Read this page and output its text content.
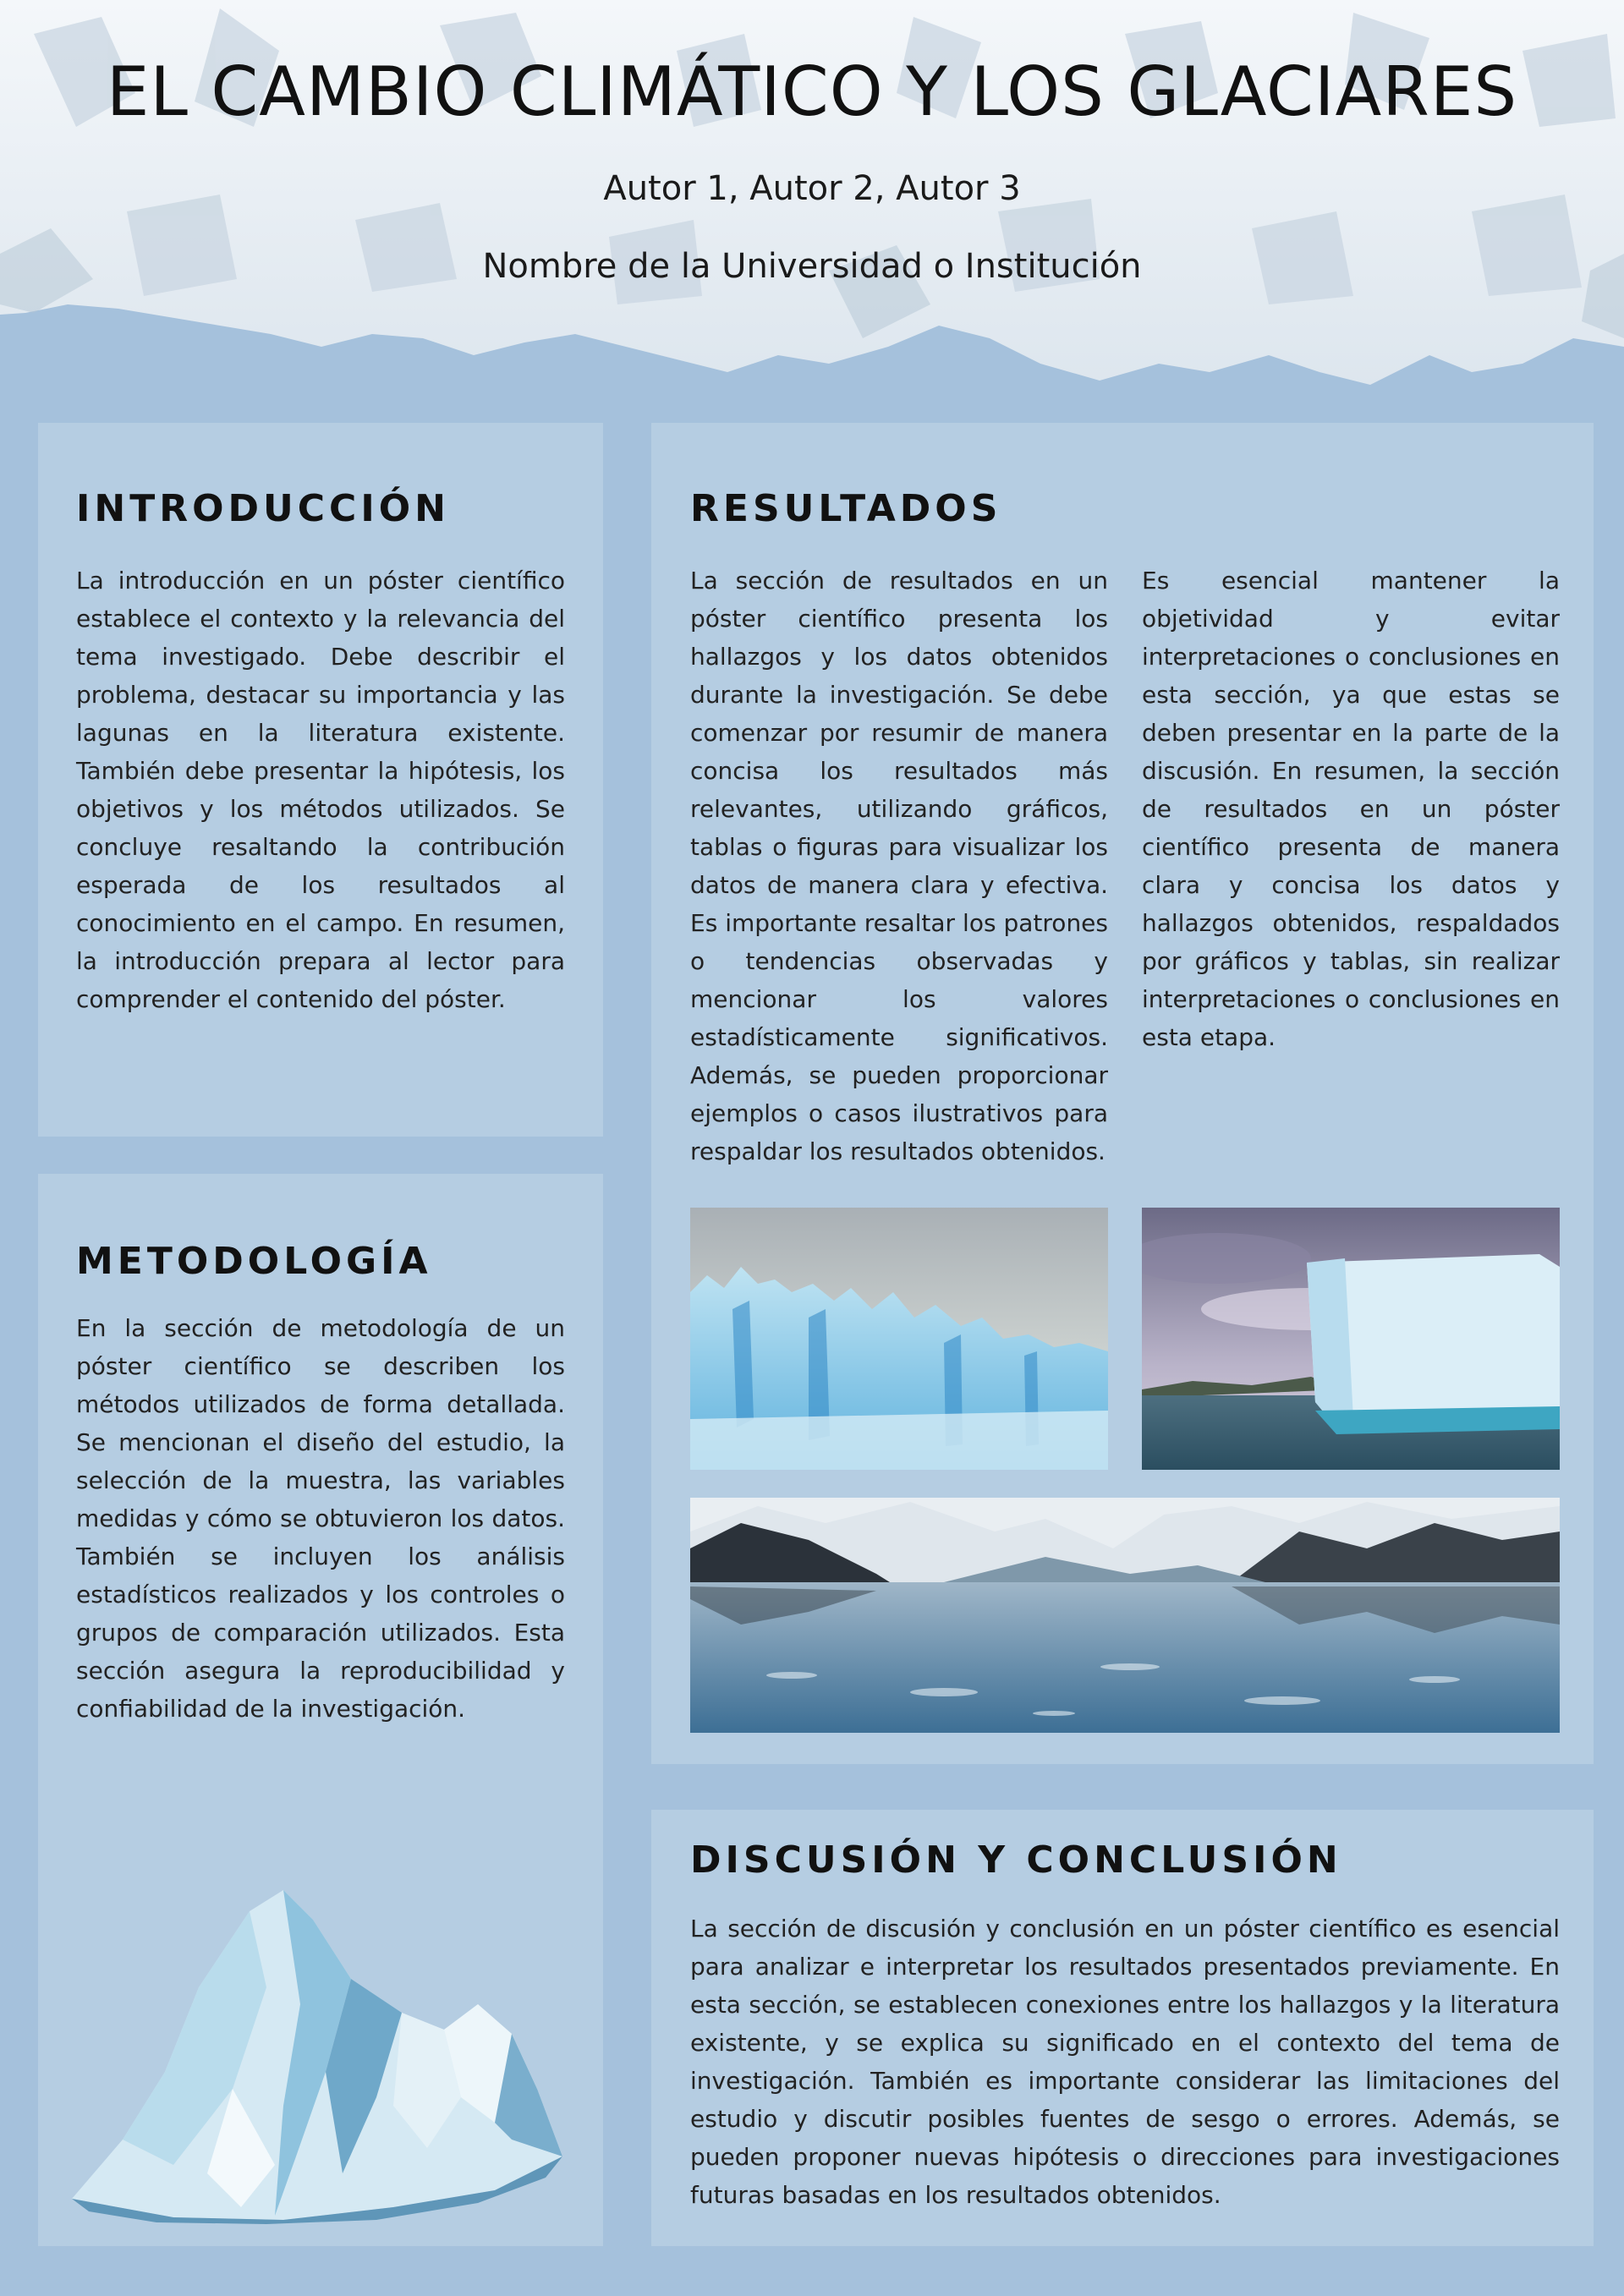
EL CAMBIO CLIMÁTICO Y LOS GLACIARES
Autor 1, Autor 2, Autor 3
Nombre de la Universidad o Institución
INTRODUCCIÓN

La introducción en un póster científico establece el contexto y la relevancia del tema investigado. Debe describir el problema, destacar su importancia y las lagunas en la literatura existente. También debe presentar la hipótesis, los objetivos y los métodos utilizados. Se concluye resaltando la contribución esperada de los resultados al conocimiento en el campo. En resumen, la introducción prepara al lector para comprender el contenido del póster.

METODOLOGÍA

En la sección de metodología de un póster científico se describen los métodos utilizados de forma detallada. Se mencionan el diseño del estudio, la selección de la muestra, las variables medidas y cómo se obtuvieron los datos. También se incluyen los análisis estadísticos realizados y los controles o grupos de comparación utilizados. Esta sección asegura la reproducibilidad y confiabilidad de la investigación.

RESULTADOS

La sección de resultados en un póster científico presenta los hallazgos y los datos obtenidos durante la investigación. Se debe comenzar por resumir de manera concisa los resultados más relevantes, utilizando gráficos, tablas o figuras para visualizar los datos de manera clara y efectiva. Es importante resaltar los patrones o tendencias observadas y mencionar los valores estadísticamente significativos. Además, se pueden proporcionar ejemplos o casos ilustrativos para respaldar los resultados obtenidos.

Es esencial mantener la objetividad y evitar interpretaciones o conclusiones en esta sección, ya que estas se deben presentar en la parte de la discusión. En resumen, la sección de resultados en un póster científico presenta de manera clara y concisa los datos y hallazgos obtenidos, respaldados por gráficos y tablas, sin realizar interpretaciones o conclusiones en esta etapa.

DISCUSIÓN Y CONCLUSIÓN

La sección de discusión y conclusión en un póster científico es esencial para analizar e interpretar los resultados presentados previamente. En esta sección, se establecen conexiones entre los hallazgos y la literatura existente, y se explica su significado en el contexto del tema de investigación. También es importante considerar las limitaciones del estudio y discutir posibles fuentes de sesgo o errores. Además, se pueden proponer nuevas hipótesis o direcciones para investigaciones futuras basadas en los resultados obtenidos.
